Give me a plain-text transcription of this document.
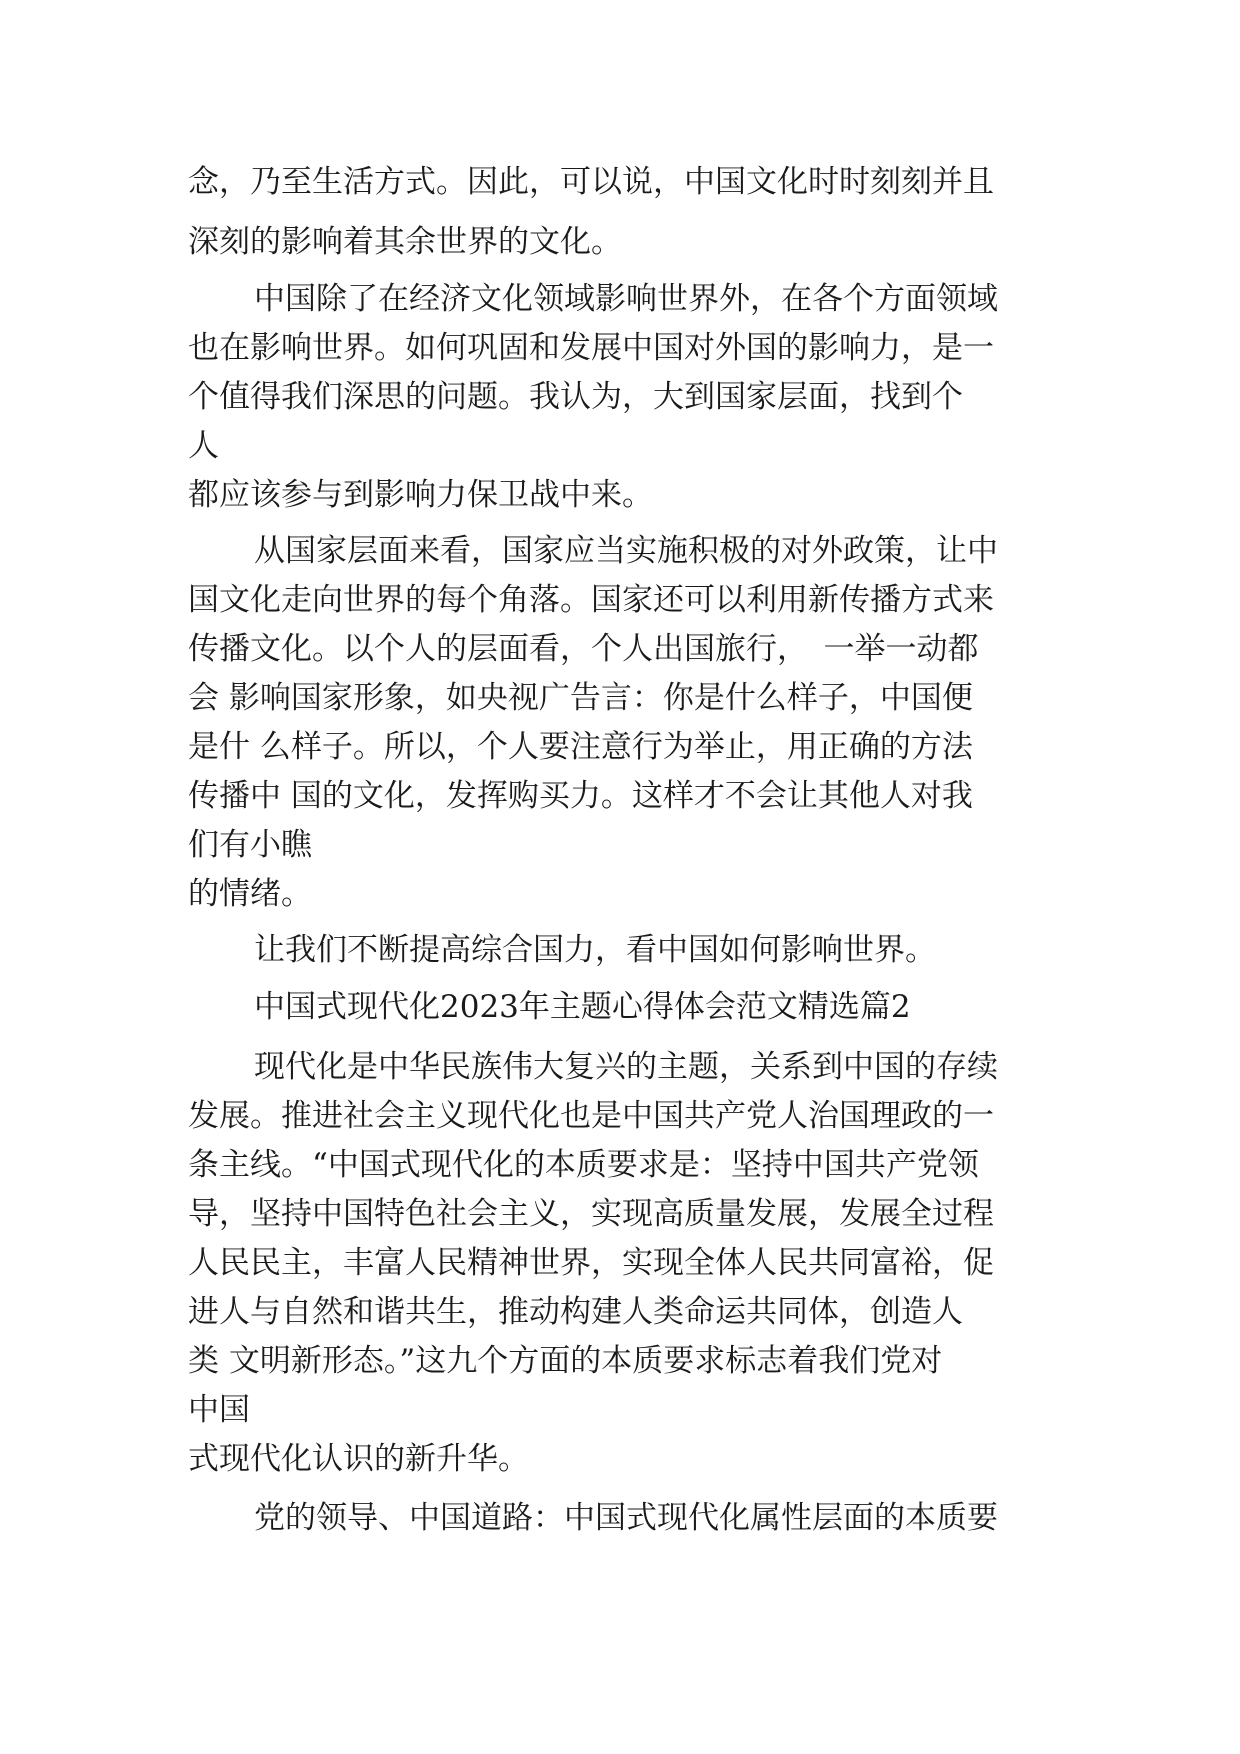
念，乃至生活方式。因此，可以说，中国文化时时刻刻并且

深刻的影响着其余世界的文化。

中国除了在经济文化领域影响世界外，在各个方面领域

也在影响世界。如何巩固和发展中国对外国的影响力，是一

个值得我们深思的问题。我认为，大到国家层面，找到个

人

都应该参与到影响力保卫战中来。

从国家层面来看，国家应当实施积极的对外政策，让中

国文化走向世界的每个角落。国家还可以利用新传播方式来

传播文化。以个人的层面看，个人出国旅行，　一举一动都

会 影响国家形象，如央视广告言：你是什么样子，中国便

是什 么样子。所以，个人要注意行为举止，用正确的方法

传播中 国的文化，发挥购买力。这样才不会让其他人对我

们有小瞧

的情绪。

让我们不断提高综合国力，看中国如何影响世界。

中国式现代化2023年主题心得体会范文精选篇2

现代化是中华民族伟大复兴的主题，关系到中国的存续

发展。推进社会主义现代化也是中国共产党人治国理政的一

条主线。“中国式现代化的本质要求是：坚持中国共产党领

导，坚持中国特色社会主义，实现高质量发展，发展全过程

人民民主，丰富人民精神世界，实现全体人民共同富裕，促

进人与自然和谐共生，推动构建人类命运共同体，创造人

类 文明新形态。”这九个方面的本质要求标志着我们党对

中国

式现代化认识的新升华。

党的领导、中国道路：中国式现代化属性层面的本质要
